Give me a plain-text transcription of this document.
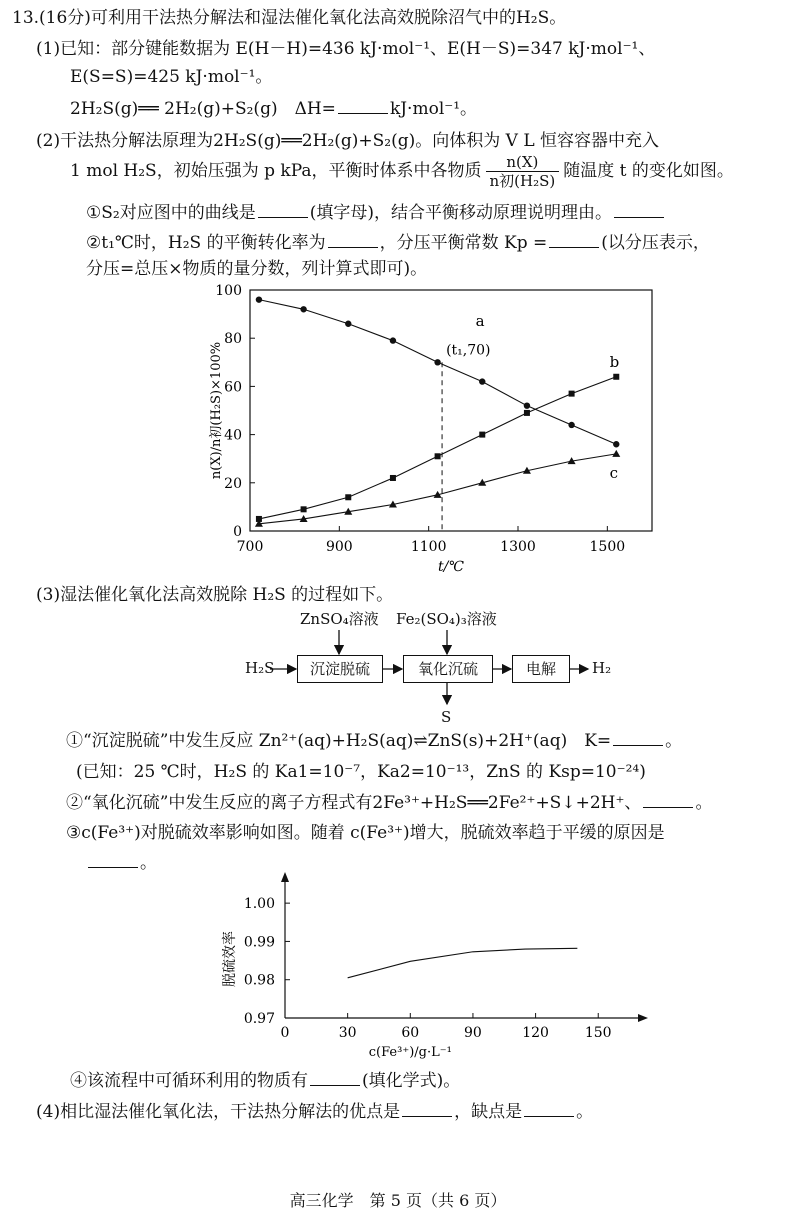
13.(16分)可利用干法热分解法和湿法催化氧化法高效脱除沼气中的H₂S。
(1)已知：部分键能数据为 E(H－H)=436 kJ·mol⁻¹、E(H－S)=347 kJ·mol⁻¹、
E(S=S)=425 kJ·mol⁻¹。
2H₂S(g)══ 2H₂(g)+S₂(g)　ΔH=	kJ·mol⁻¹。
(2)干法热分解法原理为2H₂S(g)══2H₂(g)+S₂(g)。向体积为 V L 恒容容器中充入
1 mol H₂S，初始压强为 p kPa，平衡时体系中各物质 $\frac{n(X)}{\text{n初(H₂S)}}$ 随温度 t 的变化如图。
①S₂对应图中的曲线是	(填字母)，结合平衡移动原理说明理由。
②t₁℃时，H₂S 的平衡转化率为	，分压平衡常数 Kp =	(以分压表示，
分压=总压×物质的量分数，列计算式即可)。
0
20
40
60
80
100
700	900	1100	1300	1500
t/℃
n(X)/n初(H₂S)×100%	(t₁,70)
a
b
c
(3)湿法催化氧化法高效脱除 H₂S 的过程如下。
ZnSO₄溶液 Fe₂(SO₄)₃溶液
H₂S	沉淀脱硫	氧化沉硫	电解	H₂
S
①“沉淀脱硫”中发生反应 Zn²⁺(aq)+H₂S(aq)⇌ZnS(s)+2H⁺(aq)　K=	。
(已知：25 ℃时，H₂S 的 Ka1=10⁻⁷，Ka2=10⁻¹³，ZnS 的 Ksp=10⁻²⁴)
②“氧化沉硫”中发生反应的离子方程式有2Fe³⁺+H₂S══2Fe²⁺+S↓+2H⁺、	。
③c(Fe³⁺)对脱硫效率影响如图。随着 c(Fe³⁺)增大，脱硫效率趋于平缓的原因是
。
0.97
0.98
0.99
1.00
0	30	60	90	120	150
c(Fe³⁺)/g·L⁻¹
脱硫效率
④该流程中可循环利用的物质有	(填化学式)。
(4)相比湿法催化氧化法，干法热分解法的优点是	，缺点是	。
高三化学　第 5 页（共 6 页）
